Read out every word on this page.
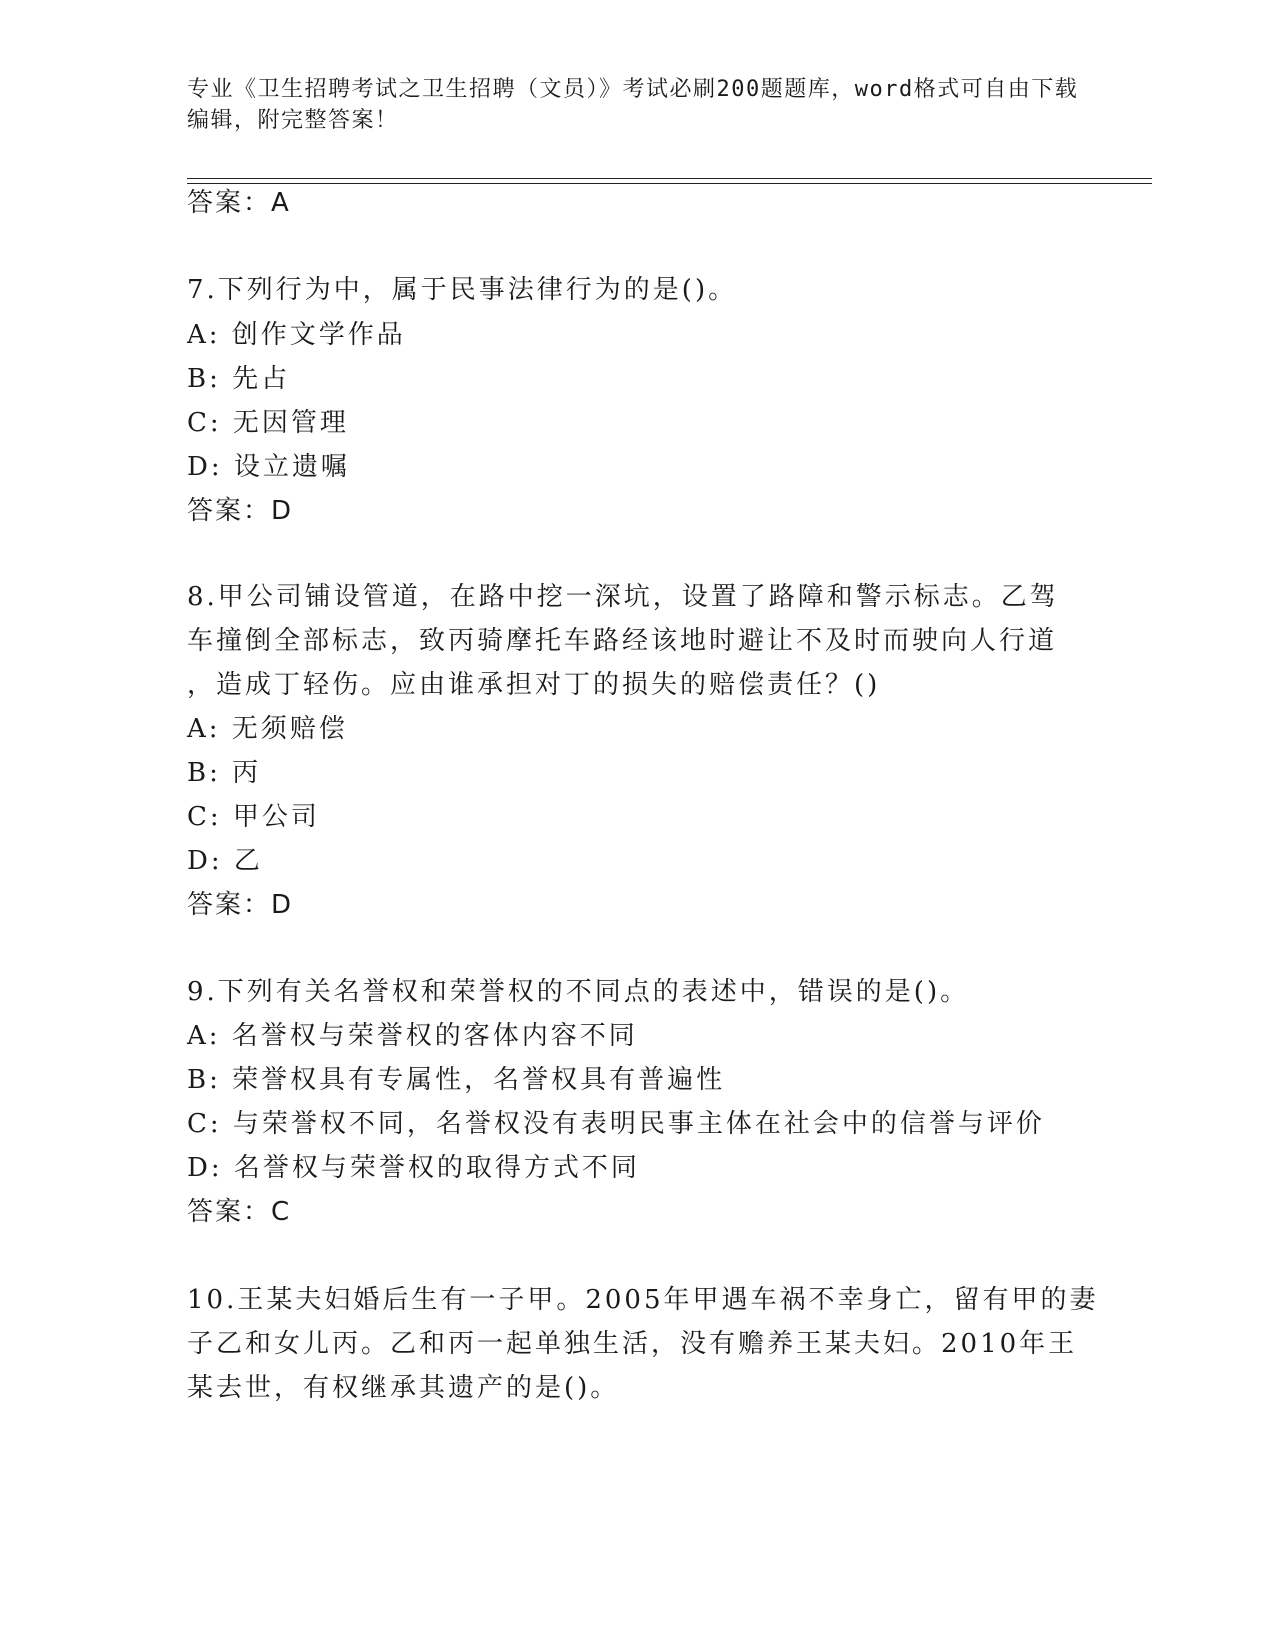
专业《卫生招聘考试之卫生招聘（文员）》考试必刷200题题库，word格式可自由下载编辑，附完整答案！
答案：A
7.下列行为中，属于民事法律行为的是()。
A: 创作文学作品
B: 先占
C: 无因管理
D: 设立遗嘱
答案：D
8.甲公司铺设管道，在路中挖一深坑，设置了路障和警示标志。乙驾
车撞倒全部标志，致丙骑摩托车路经该地时避让不及时而驶向人行道
，造成丁轻伤。应由谁承担对丁的损失的赔偿责任？()
A: 无须赔偿
B: 丙
C: 甲公司
D: 乙
答案：D
9.下列有关名誉权和荣誉权的不同点的表述中，错误的是()。
A: 名誉权与荣誉权的客体内容不同
B: 荣誉权具有专属性，名誉权具有普遍性
C: 与荣誉权不同，名誉权没有表明民事主体在社会中的信誉与评价
D: 名誉权与荣誉权的取得方式不同
答案：C
10.王某夫妇婚后生有一子甲。2005年甲遇车祸不幸身亡，留有甲的妻
子乙和女儿丙。乙和丙一起单独生活，没有赡养王某夫妇。2010年王
某去世，有权继承其遗产的是()。
